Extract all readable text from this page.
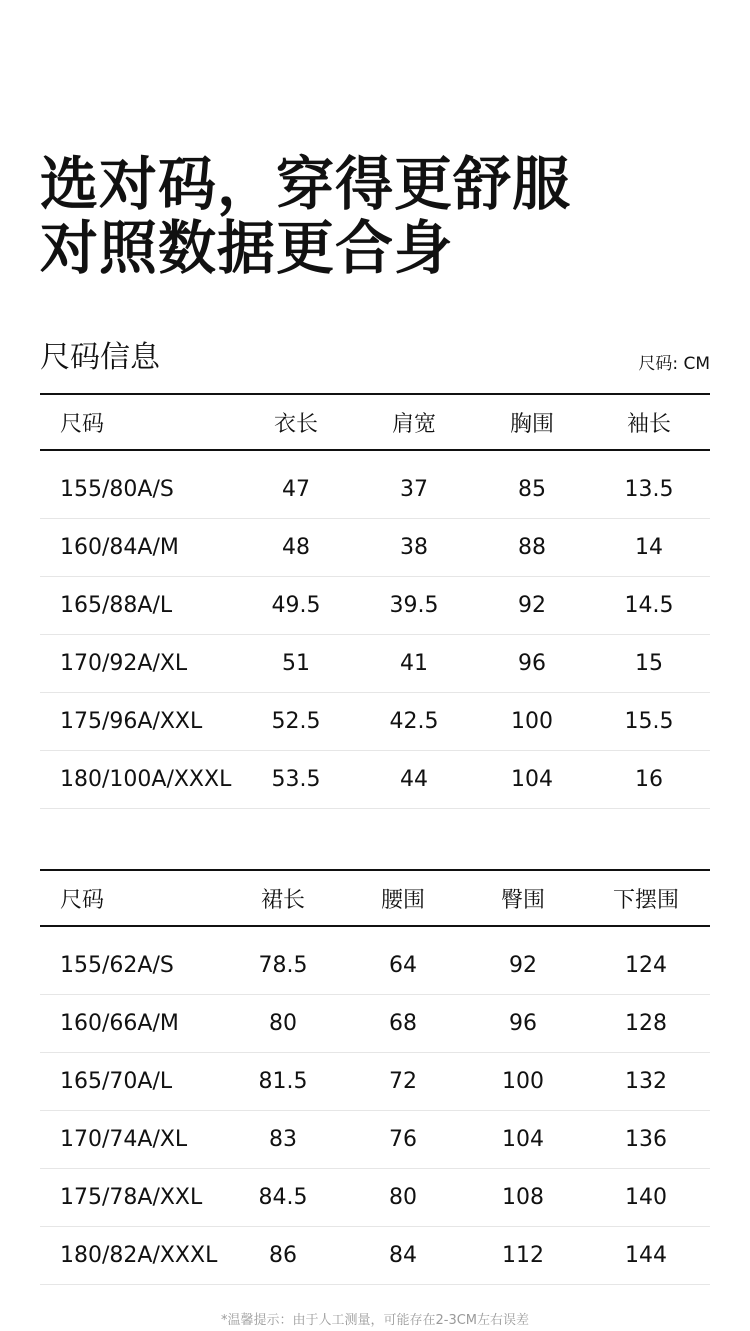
选对码，穿得更舒服
对照数据更合身
尺码信息	尺码: CM
尺码	衣长	肩宽	胸围	袖长
155/80A/S	47	37	85	13.5
160/84A/M	48	38	88	14
165/88A/L	49.5	39.5	92	14.5
170/92A/XL	51	41	96	15
175/96A/XXL	52.5	42.5	100	15.5
180/100A/XXXL	53.5	44	104	16
尺码	裙长	腰围	臀围	下摆围
155/62A/S	78.5	64	92	124
160/66A/M	80	68	96	128
165/70A/L	81.5	72	100	132
170/74A/XL	83	76	104	136
175/78A/XXL	84.5	80	108	140
180/82A/XXXL	86	84	112	144
*温馨提示：由于人工测量，可能存在2-3CM左右误差
